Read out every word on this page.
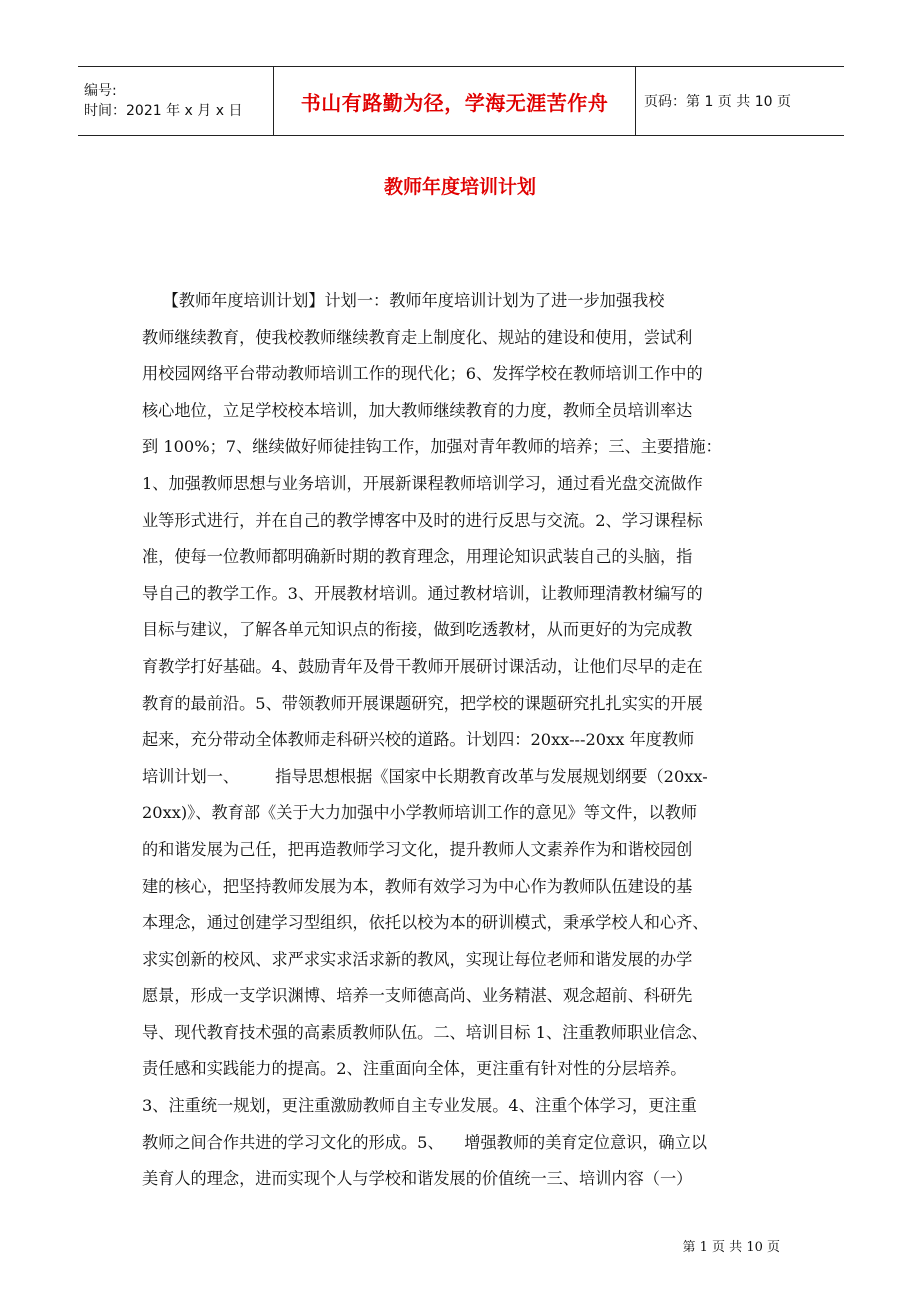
编号:
时间：2021 年 x 月 x 日	书山有路勤为径，学海无涯苦作舟	页码：第 1 页 共 10 页
教师年度培训计划
【教师年度培训计划】计划一：教师年度培训计划为了进一步加强我校
教师继续教育，使我校教师继续教育走上制度化、规站的建设和使用，尝试利
用校园网络平台带动教师培训工作的现代化；6、发挥学校在教师培训工作中的
核心地位，立足学校校本培训，加大教师继续教育的力度，教师全员培训率达
到 100%；7、继续做好师徒挂钩工作，加强对青年教师的培养；三、主要措施：
1、加强教师思想与业务培训，开展新课程教师培训学习，通过看光盘交流做作
业等形式进行，并在自己的教学博客中及时的进行反思与交流。2、学习课程标
准，使每一位教师都明确新时期的教育理念，用理论知识武装自己的头脑，指
导自己的教学工作。3、开展教材培训。通过教材培训，让教师理清教材编写的
目标与建议，了解各单元知识点的衔接，做到吃透教材，从而更好的为完成教
育教学打好基础。4、鼓励青年及骨干教师开展研讨课活动，让他们尽早的走在
教育的最前沿。5、带领教师开展课题研究，把学校的课题研究扎扎实实的开展
起来，充分带动全体教师走科研兴校的道路。计划四：20xx---20xx 年度教师
培训计划一、       指导思想根据《国家中长期教育改革与发展规划纲要（20xx-
20xx)》、教育部《关于大力加强中小学教师培训工作的意见》等文件，以教师
的和谐发展为己任，把再造教师学习文化，提升教师人文素养作为和谐校园创
建的核心，把坚持教师发展为本，教师有效学习为中心作为教师队伍建设的基
本理念，通过创建学习型组织，依托以校为本的研训模式，秉承学校人和心齐、
求实创新的校风、求严求实求活求新的教风，实现让每位老师和谐发展的办学
愿景，形成一支学识渊博、培养一支师德高尚、业务精湛、观念超前、科研先
导、现代教育技术强的高素质教师队伍。二、培训目标 1、注重教师职业信念、
责任感和实践能力的提高。2、注重面向全体，更注重有针对性的分层培养。
3、注重统一规划，更注重激励教师自主专业发展。4、注重个体学习，更注重
教师之间合作共进的学习文化的形成。5、    增强教师的美育定位意识，确立以
美育人的理念，进而实现个人与学校和谐发展的价值统一三、培训内容（一）
第 1 页 共 10 页
